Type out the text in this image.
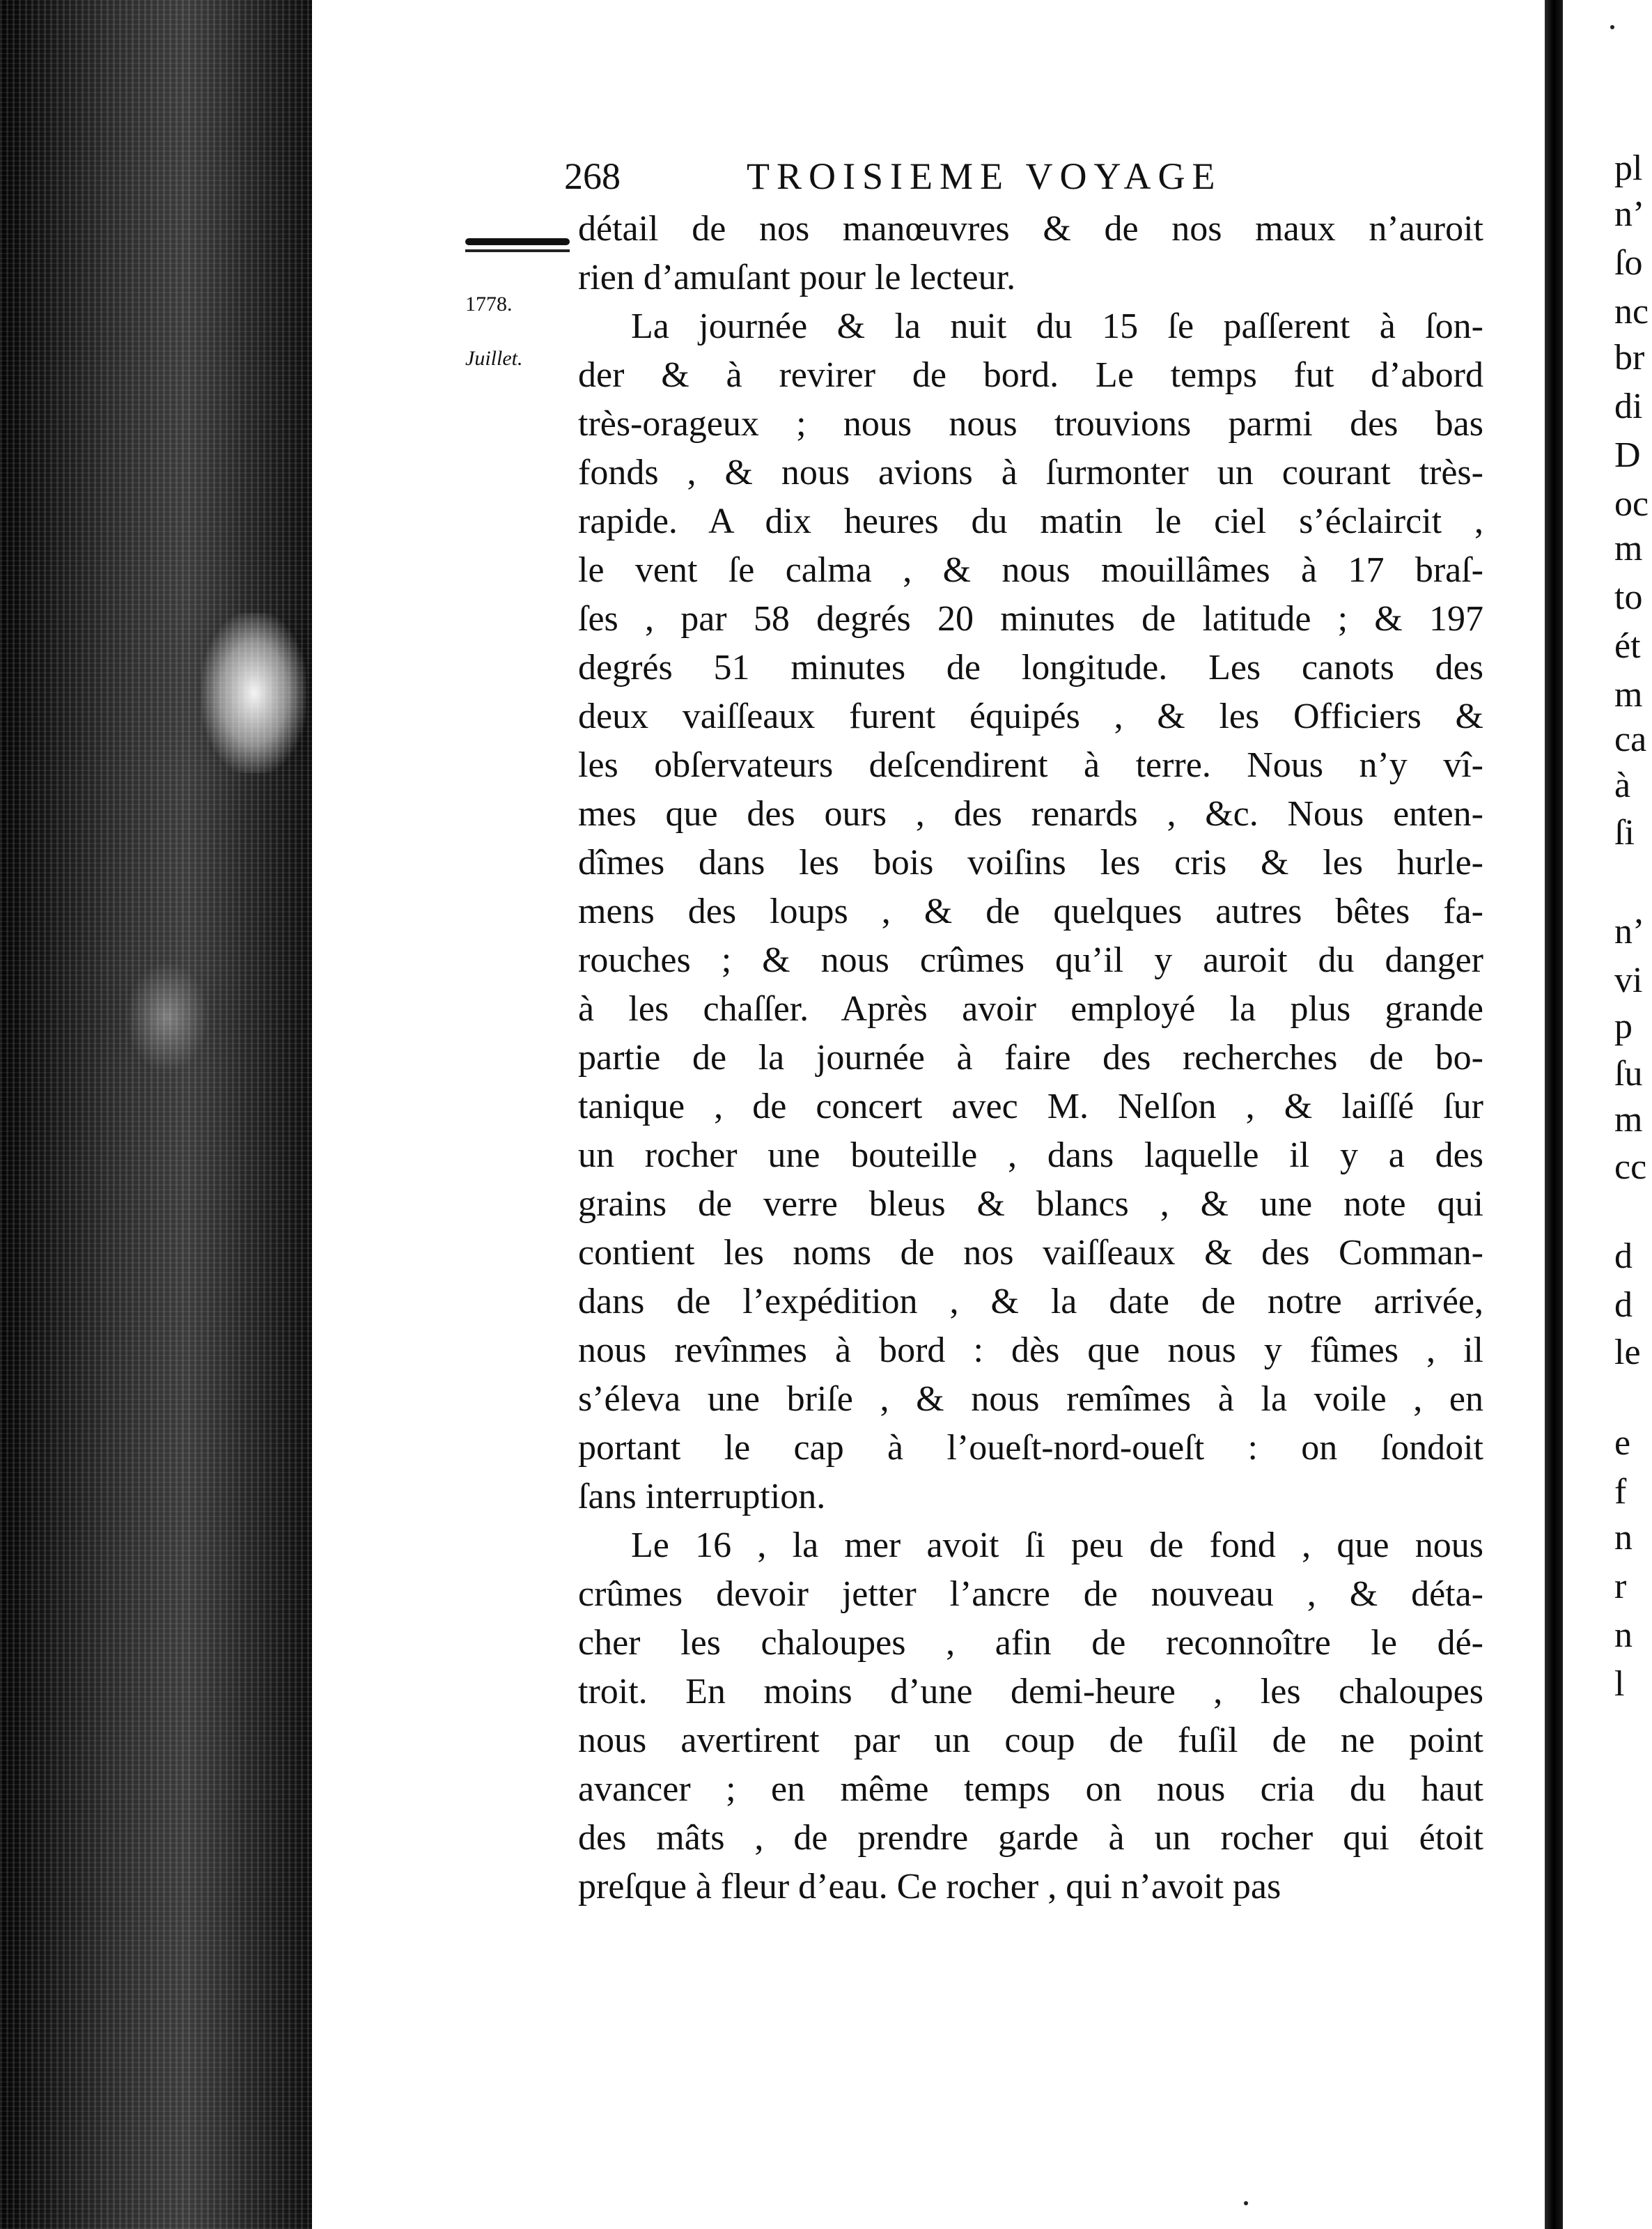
268	TROISIEME VOYAGE
1778.
Juillet.
détail de nos manœuvres & de nos maux n’auroit
rien d’amuſant pour le lecteur.
La journée & la nuit du 15 ſe paſſerent à ſon-
der & à revirer de bord. Le temps fut d’abord
très-orageux ; nous nous trouvions parmi des bas
fonds , & nous avions à ſurmonter un courant très-
rapide. A dix heures du matin le ciel s’éclaircit ,
le vent ſe calma , & nous mouillâmes à 17 braſ-
ſes , par 58 degrés 20 minutes de latitude ; & 197
degrés 51 minutes de longitude. Les canots des
deux vaiſſeaux furent équipés , & les Officiers &
les obſervateurs deſcendirent à terre. Nous n’y vî-
mes que des ours , des renards , &c. Nous enten-
dîmes dans les bois voiſins les cris & les hurle-
mens des loups , & de quelques autres bêtes fa-
rouches ; & nous crûmes qu’il y auroit du danger
à les chaſſer. Après avoir employé la plus grande
partie de la journée à faire des recherches de bo-
tanique , de concert avec M. Nelſon , & laiſſé ſur
un rocher une bouteille , dans laquelle il y a des
grains de verre bleus & blancs , & une note qui
contient les noms de nos vaiſſeaux & des Comman-
dans de l’expédition , & la date de notre arrivée,
nous revînmes à bord : dès que nous y fûmes , il
s’éleva une briſe , & nous remîmes à la voile , en
portant le cap à l’oueſt-nord-oueſt : on ſondoit
ſans interruption.
Le 16 , la mer avoit ſi peu de fond , que nous
crûmes devoir jetter l’ancre de nouveau , & déta-
cher les chaloupes , afin de reconnoître le dé-
troit. En moins d’une demi-heure , les chaloupes
nous avertirent par un coup de fuſil de ne point
avancer ; en même temps on nous cria du haut
des mâts , de prendre garde à un rocher qui étoit
preſque à fleur d’eau. Ce rocher , qui n’avoit pas
pl
n’
ſo
nc
br
di
D
oc
m
to
ét
m
ca
à
ſi
n’
vi
p
ſu
m
cc
d
d
le
e
f
n
r
n
l
